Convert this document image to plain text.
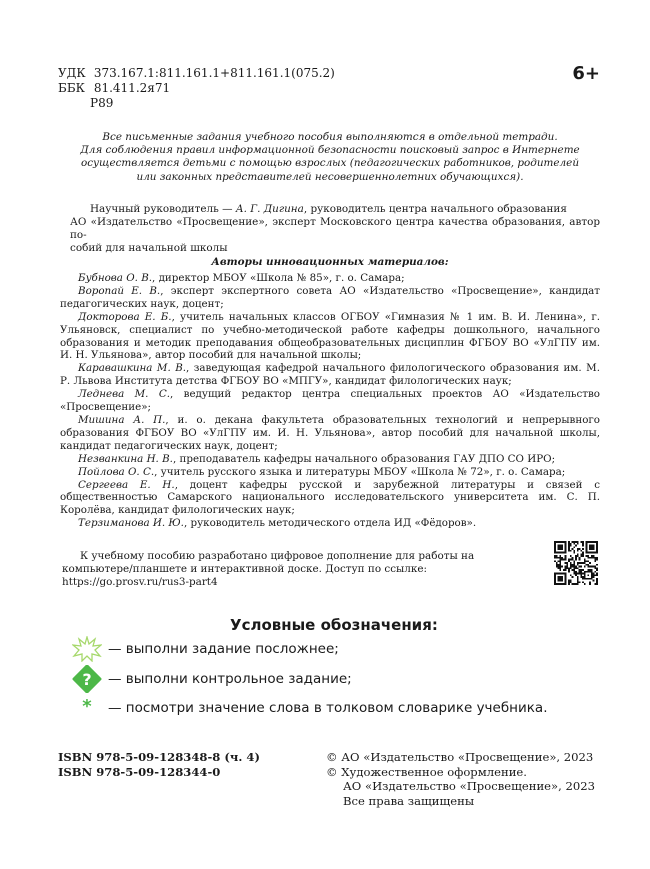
УДК 373.167.1:811.161.1+811.161.1(075.2)
ББК 81.411.2я71
Р89
6+
Все письменные задания учебного пособия выполняются в отдельной тетради.
Для соблюдения правил информационной безопасности поисковый запрос в Интернете
осуществляется детьми с помощью взрослых (педагогических работников, родителей
или законных представителей несовершеннолетних обучающихся).
Научный руководитель — А. Г. Дигина, руководитель центра начального образования
АО «Издательство «Просвещение», эксперт Московского центра качества образования, автор по-
собий для начальной школы
Авторы инновационных материалов:
Бубнова О. В., директор МБОУ «Школа № 85», г. о. Самара;
Воропай Е. В., эксперт экспертного совета АО «Издательство «Просвещение», кандидат педагогических наук, доцент;
Докторова Е. Б., учитель начальных классов ОГБОУ «Гимназия № 1 им. В. И. Ленина», г. Ульяновск, специалист по учебно-методической работе кафедры дошкольного, начального образования и методик преподавания общеобразовательных дисциплин ФГБОУ ВО «УлГПУ им. И. Н. Ульянова», автор пособий для начальной школы;
Каравашкина М. В., заведующая кафедрой начального филологического образования им. М. Р. Львова Института детства ФГБОУ ВО «МПГУ», кандидат филологических наук;
Леднева М. С., ведущий редактор центра специальных проектов АО «Издательство «Просвещение»;
Мишина А. П., и. о. декана факультета образовательных технологий и непрерывного образования ФГБОУ ВО «УлГПУ им. И. Н. Ульянова», автор пособий для начальной школы, кандидат педагогических наук, доцент;
Незванкина Н. В., преподаватель кафедры начального образования ГАУ ДПО СО ИРО;
Пойлова О. С., учитель русского языка и литературы МБОУ «Школа № 72», г. о. Самара;
Сергеева Е. Н., доцент кафедры русской и зарубежной литературы и связей с общественностью Самарского национального исследовательского университета им. С. П. Королёва, кандидат филологических наук;
Терзиманова И. Ю., руководитель методического отдела ИД «Фёдоров».
К учебному пособию разработано цифровое дополнение для работы на компьютере/планшете и интерактивной доске. Доступ по ссылке: https://go.prosv.ru/rus3-part4
Условные обозначения:
— выполни задание посложнее;
? — выполни контрольное задание;
* — посмотри значение слова в толковом словарике учебника.
ISBN 978-5-09-128348-8 (ч. 4)
ISBN 978-5-09-128344-0
© АО «Издательство «Просвещение», 2023
© Художественное оформление.
АО «Издательство «Просвещение», 2023
Все права защищены
